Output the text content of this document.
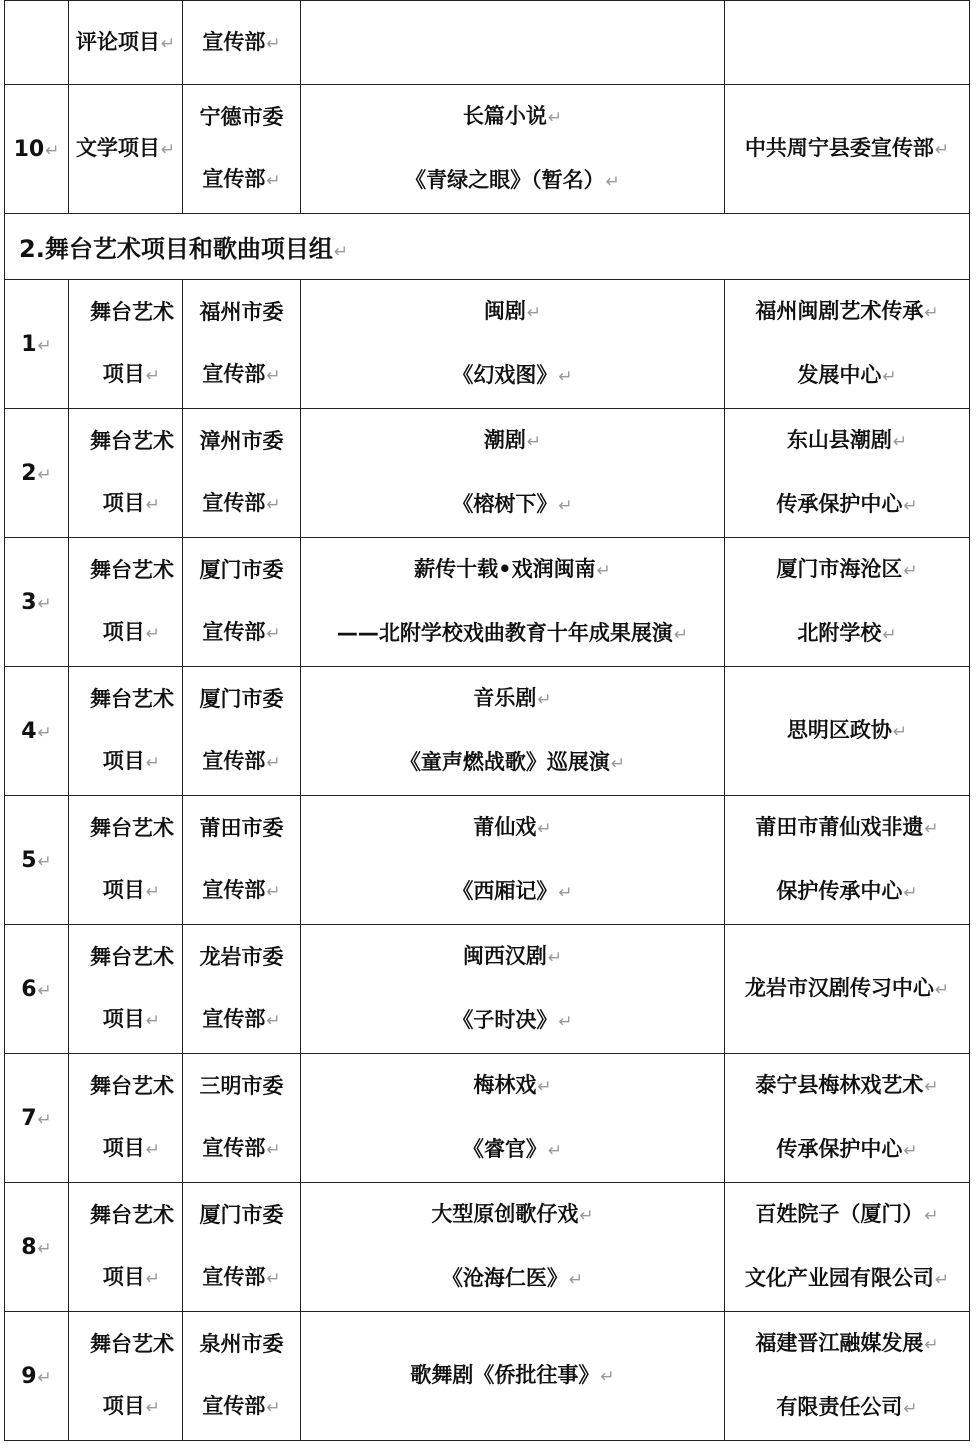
	评论项目↵	宣传部↵		

10↵	文学项目↵	宁德市委
宣传部↵	长篇小说↵
《青绿之眼》（暂名）↵	中共周宁县委宣传部↵

2.舞台艺术项目和歌曲项目组↵				
1↵	舞台艺术
项目↵	福州市委
宣传部↵	闽剧↵
《幻戏图》↵	福州闽剧艺术传承↵
发展中心↵

2↵	舞台艺术
项目↵	漳州市委
宣传部↵	潮剧↵
《榕树下》↵	东山县潮剧↵
传承保护中心↵

3↵	舞台艺术
项目↵	厦门市委
宣传部↵	薪传十载•戏润闽南↵
——北附学校戏曲教育十年成果展演↵	厦门市海沧区↵
北附学校↵

4↵	舞台艺术
项目↵	厦门市委
宣传部↵	音乐剧↵
《童声燃战歌》巡展演↵	思明区政协↵

5↵	舞台艺术
项目↵	莆田市委
宣传部↵	莆仙戏↵
《西厢记》↵	莆田市莆仙戏非遗↵
保护传承中心↵

6↵	舞台艺术
项目↵	龙岩市委
宣传部↵	闽西汉剧↵
《子时决》↵	龙岩市汉剧传习中心↵

7↵	舞台艺术
项目↵	三明市委
宣传部↵	梅林戏↵
《睿官》↵	泰宁县梅林戏艺术↵
传承保护中心↵

8↵	舞台艺术
项目↵	厦门市委
宣传部↵	大型原创歌仔戏↵
《沧海仁医》↵	百姓院子（厦门）↵
文化产业园有限公司↵

9↵	舞台艺术
项目↵	泉州市委
宣传部↵	歌舞剧《侨批往事》↵	福建晋江融媒发展↵
有限责任公司↵
